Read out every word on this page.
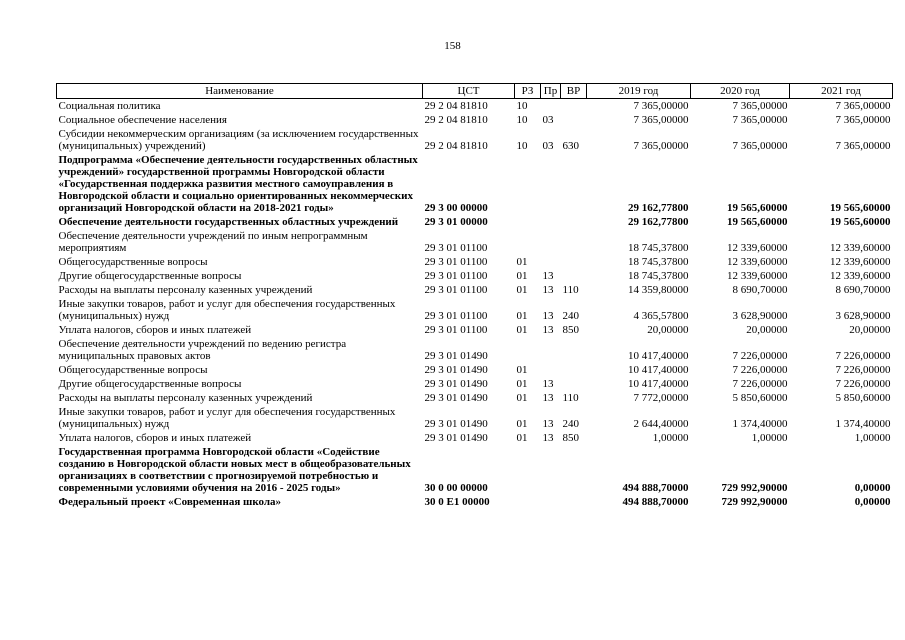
158
Наименование	ЦСТ	РЗ	Пр	ВР	2019 год	2020 год	2021 год
Социальная политика	29 2 04 81810	10			7 365,00000	7 365,00000	7 365,00000
Социальное обеспечение населения	29 2 04 81810	10	03		7 365,00000	7 365,00000	7 365,00000
Субсидии некоммерческим организациям (за исключением государственных (муниципальных) учреждений)	29 2 04 81810	10	03	630	7 365,00000	7 365,00000	7 365,00000
Подпрограмма «Обеспечение деятельности государственных областных учреждений» государственной программы Новгородской области «Государственная поддержка развития местного самоуправления в Новгородской области и социально ориентированных некоммерческих организаций Новгородской области на 2018-2021 годы»	29 3 00 00000				29 162,77800	19 565,60000	19 565,60000
Обеспечение деятельности государственных областных учреждений	29 3 01 00000				29 162,77800	19 565,60000	19 565,60000
Обеспечение деятельности учреждений по иным непрограммным мероприятиям	29 3 01 01100				18 745,37800	12 339,60000	12 339,60000
Общегосударственные вопросы	29 3 01 01100	01			18 745,37800	12 339,60000	12 339,60000
Другие общегосударственные вопросы	29 3 01 01100	01	13		18 745,37800	12 339,60000	12 339,60000
Расходы на выплаты персоналу казенных учреждений	29 3 01 01100	01	13	110	14 359,80000	8 690,70000	8 690,70000
Иные закупки товаров, работ и услуг для обеспечения государственных (муниципальных) нужд	29 3 01 01100	01	13	240	4 365,57800	3 628,90000	3 628,90000
Уплата налогов, сборов и иных платежей	29 3 01 01100	01	13	850	20,00000	20,00000	20,00000
Обеспечение деятельности учреждений по ведению регистра муниципальных правовых актов	29 3 01 01490				10 417,40000	7 226,00000	7 226,00000
Общегосударственные вопросы	29 3 01 01490	01			10 417,40000	7 226,00000	7 226,00000
Другие общегосударственные вопросы	29 3 01 01490	01	13		10 417,40000	7 226,00000	7 226,00000
Расходы на выплаты персоналу казенных учреждений	29 3 01 01490	01	13	110	7 772,00000	5 850,60000	5 850,60000
Иные закупки товаров, работ и услуг для обеспечения государственных (муниципальных) нужд	29 3 01 01490	01	13	240	2 644,40000	1 374,40000	1 374,40000
Уплата налогов, сборов и иных платежей	29 3 01 01490	01	13	850	1,00000	1,00000	1,00000
Государственная программа Новгородской области «Содействие созданию в Новгородской области новых мест в общеобразовательных организациях в соответствии с прогнозируемой потребностью и современными условиями обучения на 2016 - 2025 годы»	30 0 00 00000				494 888,70000	729 992,90000	0,00000
Федеральный проект «Современная школа»	30 0 E1 00000				494 888,70000	729 992,90000	0,00000
